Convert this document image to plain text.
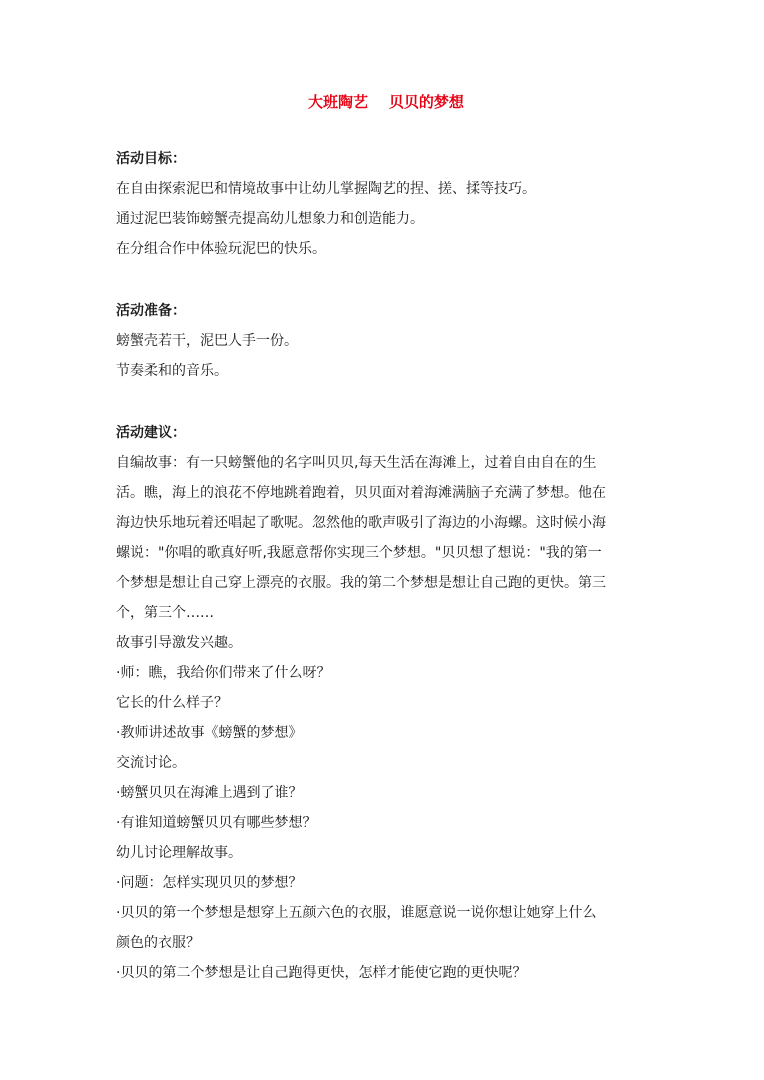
大班陶艺    贝贝的梦想
活动目标：
在自由探索泥巴和情境故事中让幼儿掌握陶艺的捏、搓、揉等技巧。
通过泥巴装饰螃蟹壳提高幼儿想象力和创造能力。
在分组合作中体验玩泥巴的快乐。
活动准备：
螃蟹壳若干，泥巴人手一份。
节奏柔和的音乐。
活动建议：
自编故事：有一只螃蟹他的名字叫贝贝,每天生活在海滩上，过着自由自在的生
活。瞧，海上的浪花不停地跳着跑着，贝贝面对着海滩满脑子充满了梦想。他在
海边快乐地玩着还唱起了歌呢。忽然他的歌声吸引了海边的小海螺。这时候小海
螺说："你唱的歌真好听,我愿意帮你实现三个梦想。"贝贝想了想说："我的第一
个梦想是想让自己穿上漂亮的衣服。我的第二个梦想是想让自己跑的更快。第三
个，第三个……
故事引导激发兴趣。
·师：瞧，我给你们带来了什么呀？
它长的什么样子？
·教师讲述故事《螃蟹的梦想》
交流讨论。
·螃蟹贝贝在海滩上遇到了谁？
·有谁知道螃蟹贝贝有哪些梦想？
幼儿讨论理解故事。
·问题：怎样实现贝贝的梦想？
·贝贝的第一个梦想是想穿上五颜六色的衣服，谁愿意说一说你想让她穿上什么
颜色的衣服？
·贝贝的第二个梦想是让自己跑得更快，怎样才能使它跑的更快呢？
